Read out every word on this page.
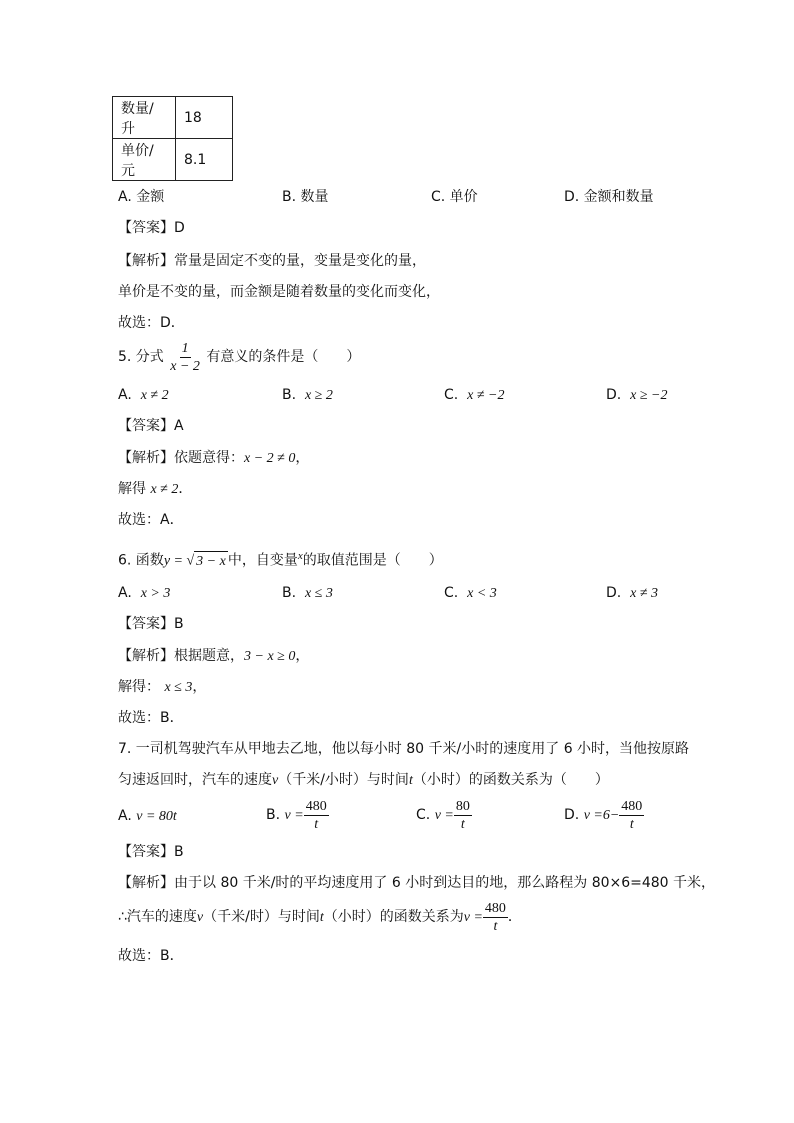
数量/升	18
单价/元	8.1
A. 金额	B. 数量	C. 单价	D. 金额和数量
【答案】D
【解析】常量是固定不变的量，变量是变化的量，
单价是不变的量，而金额是随着数量的变化而变化，
故选：D．
5. 分式 $\frac{1}{x - 2}$ 有意义的条件是（　　）
A. x ≠ 2	B. x ≥ 2	C. x ≠ −2	D. x ≥ −2
【答案】A
【解析】依题意得：x − 2 ≠ 0，
解得 x ≠ 2．
故选：A．
6. 函数y = √ 3 − x 中，自变量$^x$的取值范围是（　　）
A. x > 3	B. x ≤ 3	C. x < 3	D. x ≠ 3
【答案】B
【解析】根据题意，3 − x ≥ 0，
解得： x ≤ 3，
故选：B．
7. 一司机驾驶汽车从甲地去乙地，他以每小时 80 千米/小时的速度用了 6 小时，当他按原路
匀速返回时，汽车的速度v（千米/小时）与时间t（小时）的函数关系为（　　）
A. v = 80t	B. $v = \frac{480}{t}$	C. $v = \frac{80}{t}$	D. $v =6- \frac{480}{t}$
【答案】B
【解析】由于以 80 千米/时的平均速度用了 6 小时到达目的地，那么路程为 80×6=480 千米，
∴汽车的速度v（千米/时）与时间t（小时）的函数关系为$v = \frac{480}{t}$ ．
故选：B．
